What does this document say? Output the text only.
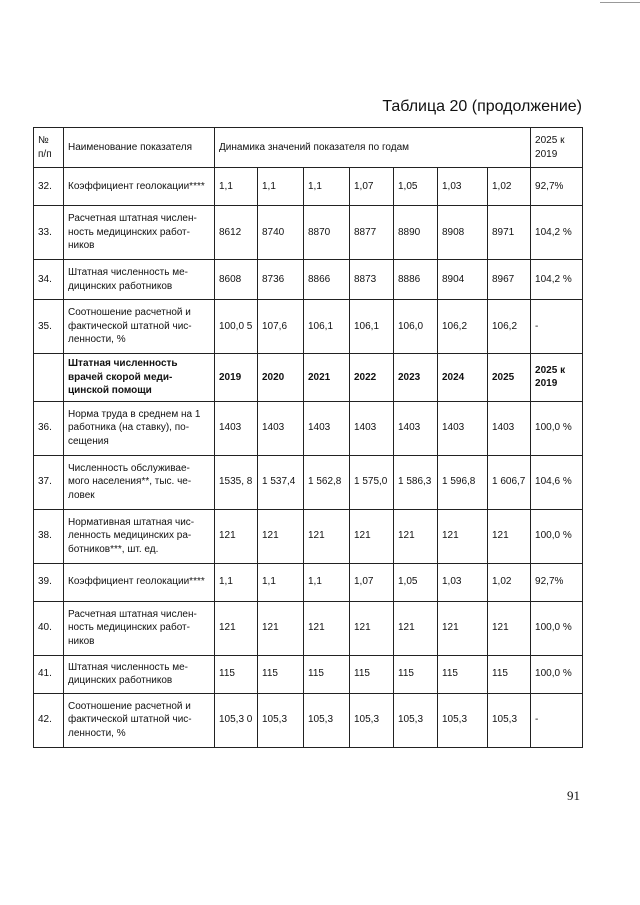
Таблица 20 (продолжение)
№ п/п	Наименование показателя	Динамика значений показателя по годам							2025 к 2019
32.	Коэффициент геолокации****	1,1	1,1	1,1	1,07	1,05	1,03	1,02	92,7%
33.	Расчетная штатная числен-ность медицинских работ-ников	8612	8740	8870	8877	8890	8908	8971	104,2 %
34.	Штатная численность ме-дицинских работников	8608	8736	8866	8873	8886	8904	8967	104,2 %
35.	Соотношение расчетной и фактической штатной чис-ленности, %	100,0 5	107,6	106,1	106,1	106,0	106,2	106,2	-
	Штатная численность врачей скорой меди-цинской помощи	2019	2020	2021	2022	2023	2024	2025	2025 к 2019
36.	Норма труда в среднем на 1 работника (на ставку), по-сещения	1403	1403	1403	1403	1403	1403	1403	100,0 %
37.	Численность обслуживае-мого населения**, тыс. че-ловек	1535, 8	1 537,4	1 562,8	1 575,0	1 586,3	1 596,8	1 606,7	104,6 %
38.	Нормативная штатная чис-ленность медицинских ра-ботников***, шт. ед.	121	121	121	121	121	121	121	100,0 %
39.	Коэффициент геолокации****	1,1	1,1	1,1	1,07	1,05	1,03	1,02	92,7%
40.	Расчетная штатная числен-ность медицинских работ-ников	121	121	121	121	121	121	121	100,0 %
41.	Штатная численность ме-дицинских работников	115	115	115	115	115	115	115	100,0 %
42.	Соотношение расчетной и фактической штатной чис-ленности, %	105,3 0	105,3	105,3	105,3	105,3	105,3	105,3	-
91
